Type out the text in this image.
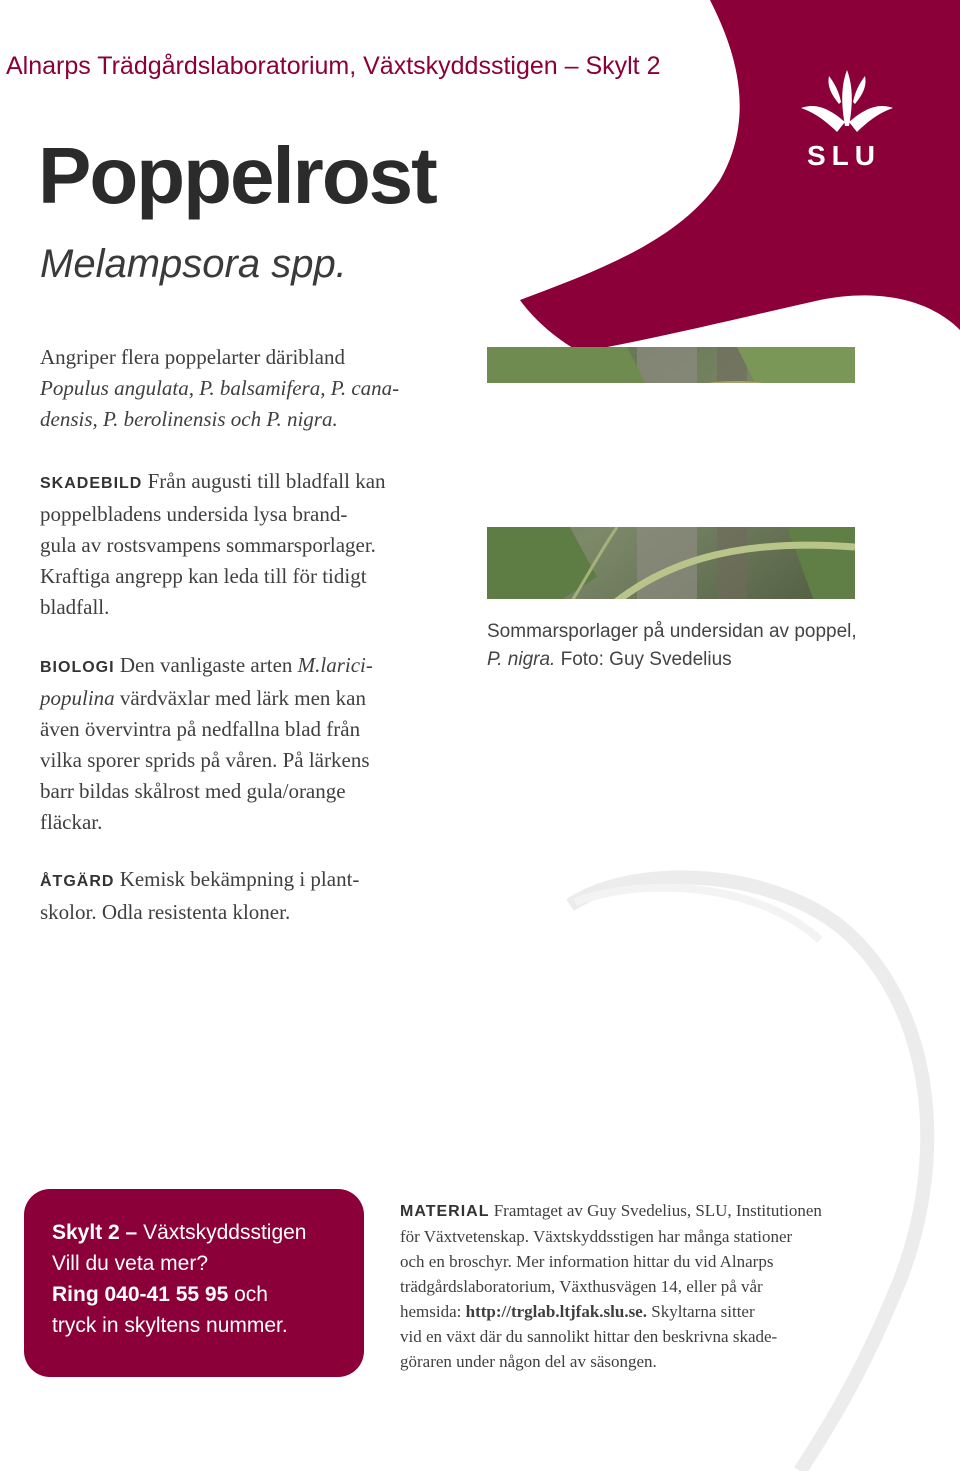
SLU
Alnarps Trädgårdslaboratorium, Växtskyddsstigen – Skylt 2
Poppelrost
Melampsora spp.
Angriper flera poppelarter däribland
Populus angulata, P. balsamifera, P. cana-
densis, P. berolinensis och P. nigra.
SKADEBILD Från augusti till bladfall kan
poppelbladens undersida lysa brand-
gula av rostsvampens sommarsporlager.
Kraftiga angrepp kan leda till för tidigt
bladfall.
BIOLOGI Den vanligaste arten M.larici-
populina värdväxlar med lärk men kan
även övervintra på nedfallna blad från
vilka sporer sprids på våren. På lärkens
barr bildas skålrost med gula/orange
fläckar.
ÅTGÄRD Kemisk bekämpning i plant-
skolor. Odla resistenta kloner.
Sommarsporlager på undersidan av poppel,
P. nigra. Foto: Guy Svedelius
Skylt 2 – Växtskyddsstigen
Vill du veta mer?
Ring 040-41 55 95 och
tryck in skyltens nummer.
MATERIAL Framtaget av Guy Svedelius, SLU, Institutionen
för Växtvetenskap. Växtskyddsstigen har många stationer
och en broschyr. Mer information hittar du vid Alnarps
trädgårdslaboratorium, Växthusvägen 14, eller på vår
hemsida: http://trglab.ltjfak.slu.se. Skyltarna sitter
vid en växt där du sannolikt hittar den beskrivna skade-
göraren under någon del av säsongen.
